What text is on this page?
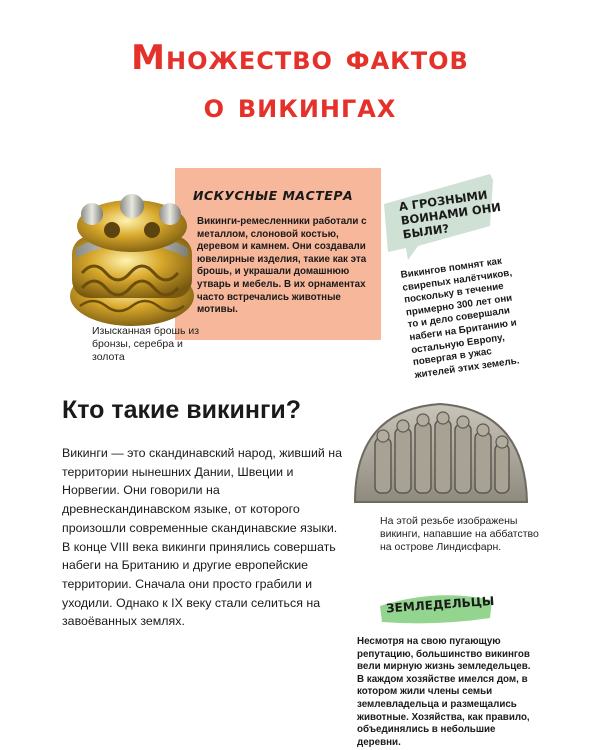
Множество фактов
о викингах

ИСКУСНЫЕ МАСТЕРА

Викинги-ремесленники работали с металлом, слоновой костью, деревом и камнем. Они создавали ювелирные изделия, такие как эта брошь, и украшали домашнюю утварь и мебель. В их орнаментах часто встречались животные мотивы.

Изысканная брошь из бронзы, серебра и золота

А ГРОЗНЫМИ ВОИНАМИ ОНИ БЫЛИ?

Викингов помнят как свирепых налётчиков, поскольку в течение примерно 300 лет они то и дело совершали набеги на Британию и остальную Европу, повергая в ужас жителей этих земель.

Кто такие викинги?

Викинги — это скандинавский народ, живший на территории нынешних Дании, Швеции и Норвегии. Они говорили на древнескандинавском языке, от которого произошли современные скандинавские языки. В конце VIII века викинги принялись совершать набеги на Британию и другие европейские территории. Сначала они просто грабили и уходили. Однако к IX веку стали селиться на завоёванных землях.

На этой резьбе изображены викинги, напавшие на аббатство на острове Линдисфарн.

ЗЕМЛЕДЕЛЬЦЫ

Несмотря на свою пугающую репутацию, большинство викингов вели мирную жизнь земледельцев. В каждом хозяйстве имелся дом, в котором жили члены семьи землевладельца и размещались животные. Хозяйства, как правило, объединялись в небольшие деревни.
